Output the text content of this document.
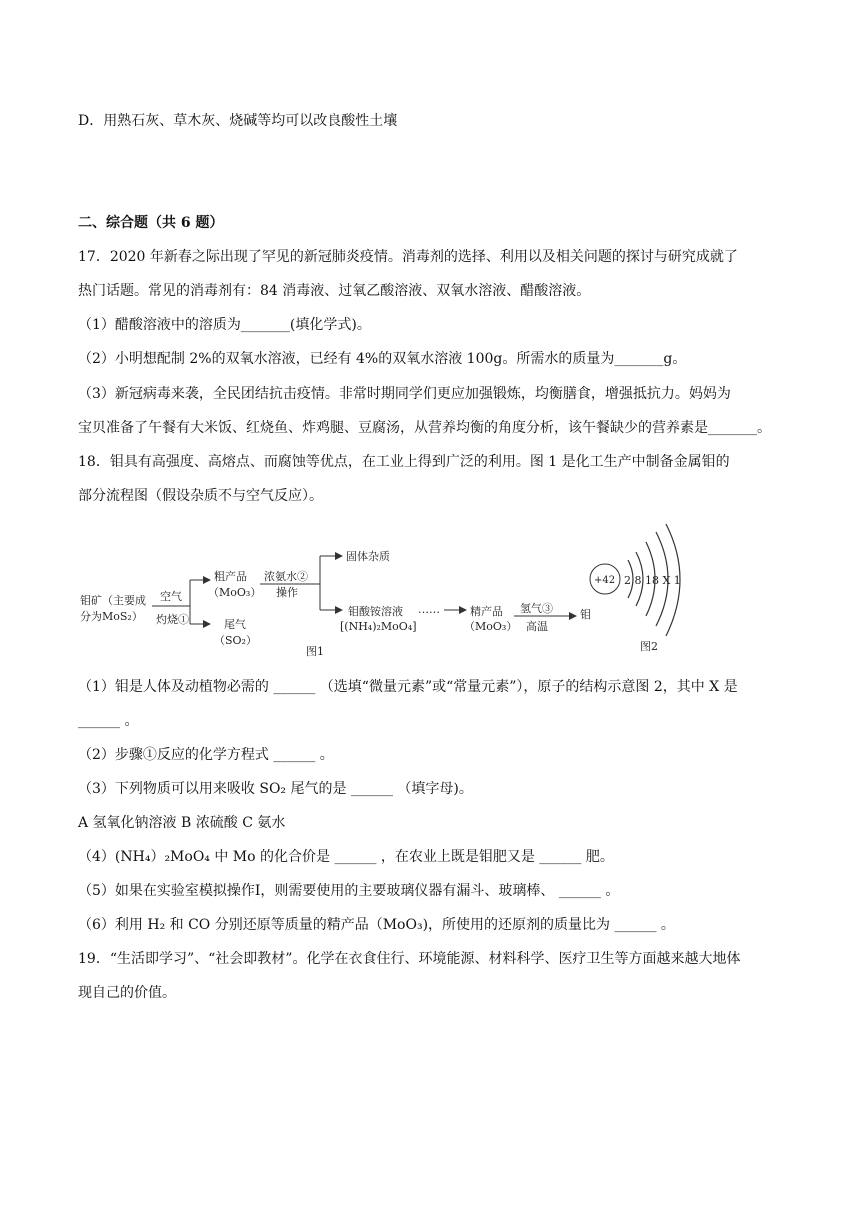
D．用熟石灰、草木灰、烧碱等均可以改良酸性土壤
二、综合题（共 6 题）
17．2020 年新春之际出现了罕见的新冠肺炎疫情。消毒剂的选择、利用以及相关问题的探讨与研究成就了
热门话题。常见的消毒剂有：84 消毒液、过氧乙酸溶液、双氧水溶液、醋酸溶液。
（1）醋酸溶液中的溶质为_______(填化学式)。
（2）小明想配制 2%的双氧水溶液，已经有 4%的双氧水溶液 100g。所需水的质量为_______g。
（3）新冠病毒来袭，全民团结抗击疫情。非常时期同学们更应加强锻炼，均衡膳食，增强抵抗力。妈妈为
宝贝准备了午餐有大米饭、红烧鱼、炸鸡腿、豆腐汤，从营养均衡的角度分析，该午餐缺少的营养素是_______。
18．钼具有高强度、高熔点、而腐蚀等优点，在工业上得到广泛的利用。图 1 是化工生产中制备金属钼的
部分流程图（假设杂质不与空气反应）。
钼矿（主要成
分为MoS₂）
空气
灼烧①
粗产品
（MoO₃）
尾气
（SO₂）
浓氨水②
操作
固体杂质
钼酸铵溶液
[(NH₄)₂MoO₄]
……	精产品
（MoO₃）
氢气③
高温
钼
图1
+42 2 8 18 X 1
图2
（1）钼是人体及动植物必需的 ______ （选填“微量元素”或“常量元素”），原子的结构示意图 2，其中 X 是
______ 。
（2）步骤①反应的化学方程式 ______ 。
（3）下列物质可以用来吸收 SO₂ 尾气的是 ______ （填字母)。
A 氢氧化钠溶液 B 浓硫酸 C 氨水
（4）(NH₄）₂MoO₄ 中 Mo 的化合价是 ______ ，在农业上既是钼肥又是 ______ 肥。
（5）如果在实验室模拟操作I，则需要使用的主要玻璃仪器有漏斗、玻璃棒、 ______ 。
（6）利用 H₂ 和 CO 分别还原等质量的精产品（MoO₃)，所使用的还原剂的质量比为 ______ 。
19．“生活即学习”、“社会即教材”。化学在衣食住行、环境能源、材料科学、医疗卫生等方面越来越大地体
现自己的价值。
